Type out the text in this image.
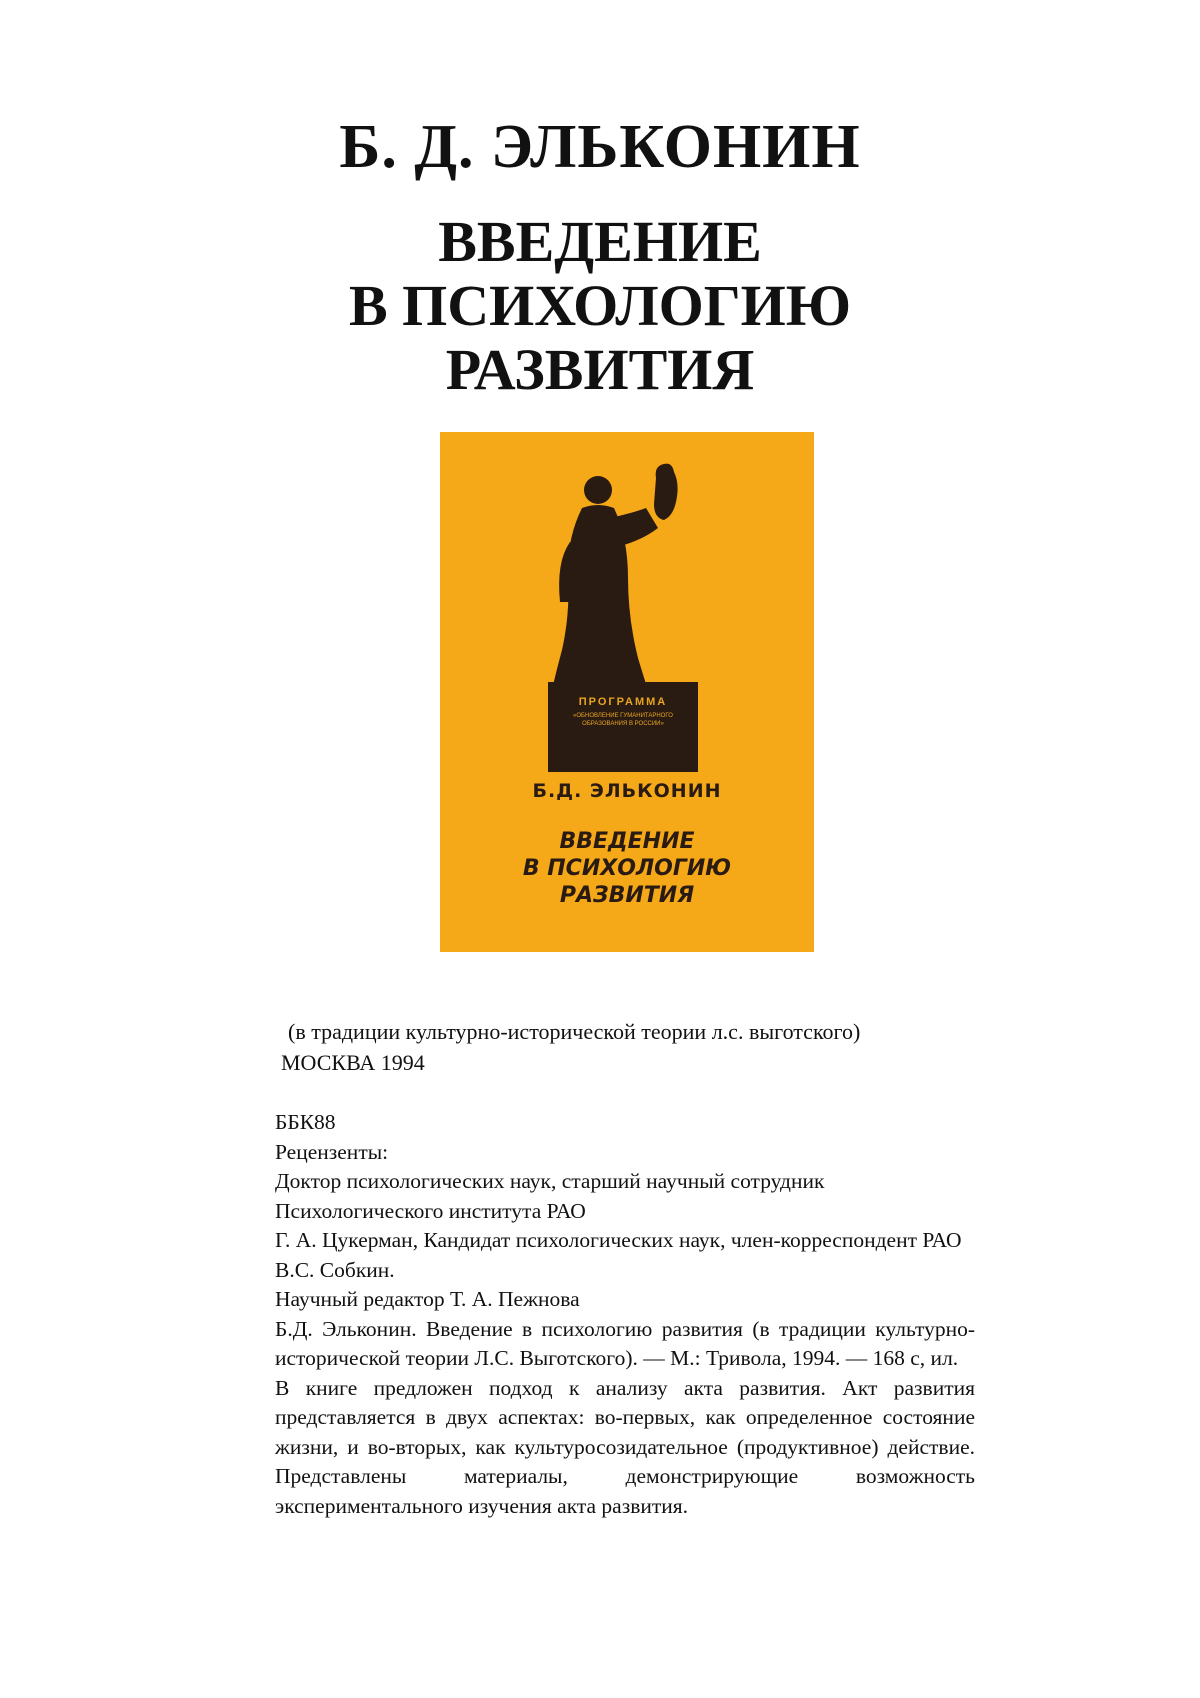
Б. Д. ЭЛЬКОНИН
ВВЕДЕНИЕ
В ПСИХОЛОГИЮ
РАЗВИТИЯ
ПРОГРАММА
«ОБНОВЛЕНИЕ ГУМАНИТАРНОГО ОБРАЗОВАНИЯ В РОССИИ»
Б.Д. ЭЛЬКОНИН
ВВЕДЕНИЕ
В ПСИХОЛОГИЮ
РАЗВИТИЯ

(в традиции культурно-исторической теории л.с. выготского)

МОСКВА 1994

ББК88

Рецензенты:

Доктор психологических наук, старший научный сотрудник

Психологического института РАО

Г. А. Цукерман, Кандидат психологических наук, член-корреспондент РАО

В.С. Собкин.

Научный редактор Т. А. Пежнова

Б.Д. Эльконин. Введение в психологию развития (в традиции культурно-исторической теории Л.С. Выготского). — М.: Тривола, 1994. — 168 с, ил.

В книге предложен подход к анализу акта развития. Акт развития представляется в двух аспектах: во-первых, как определенное состояние жизни, и во-вторых, как культуросозидательное (продуктивное) действие. Представлены материалы, демонстрирующие возможность экспериментального изучения акта развития.
